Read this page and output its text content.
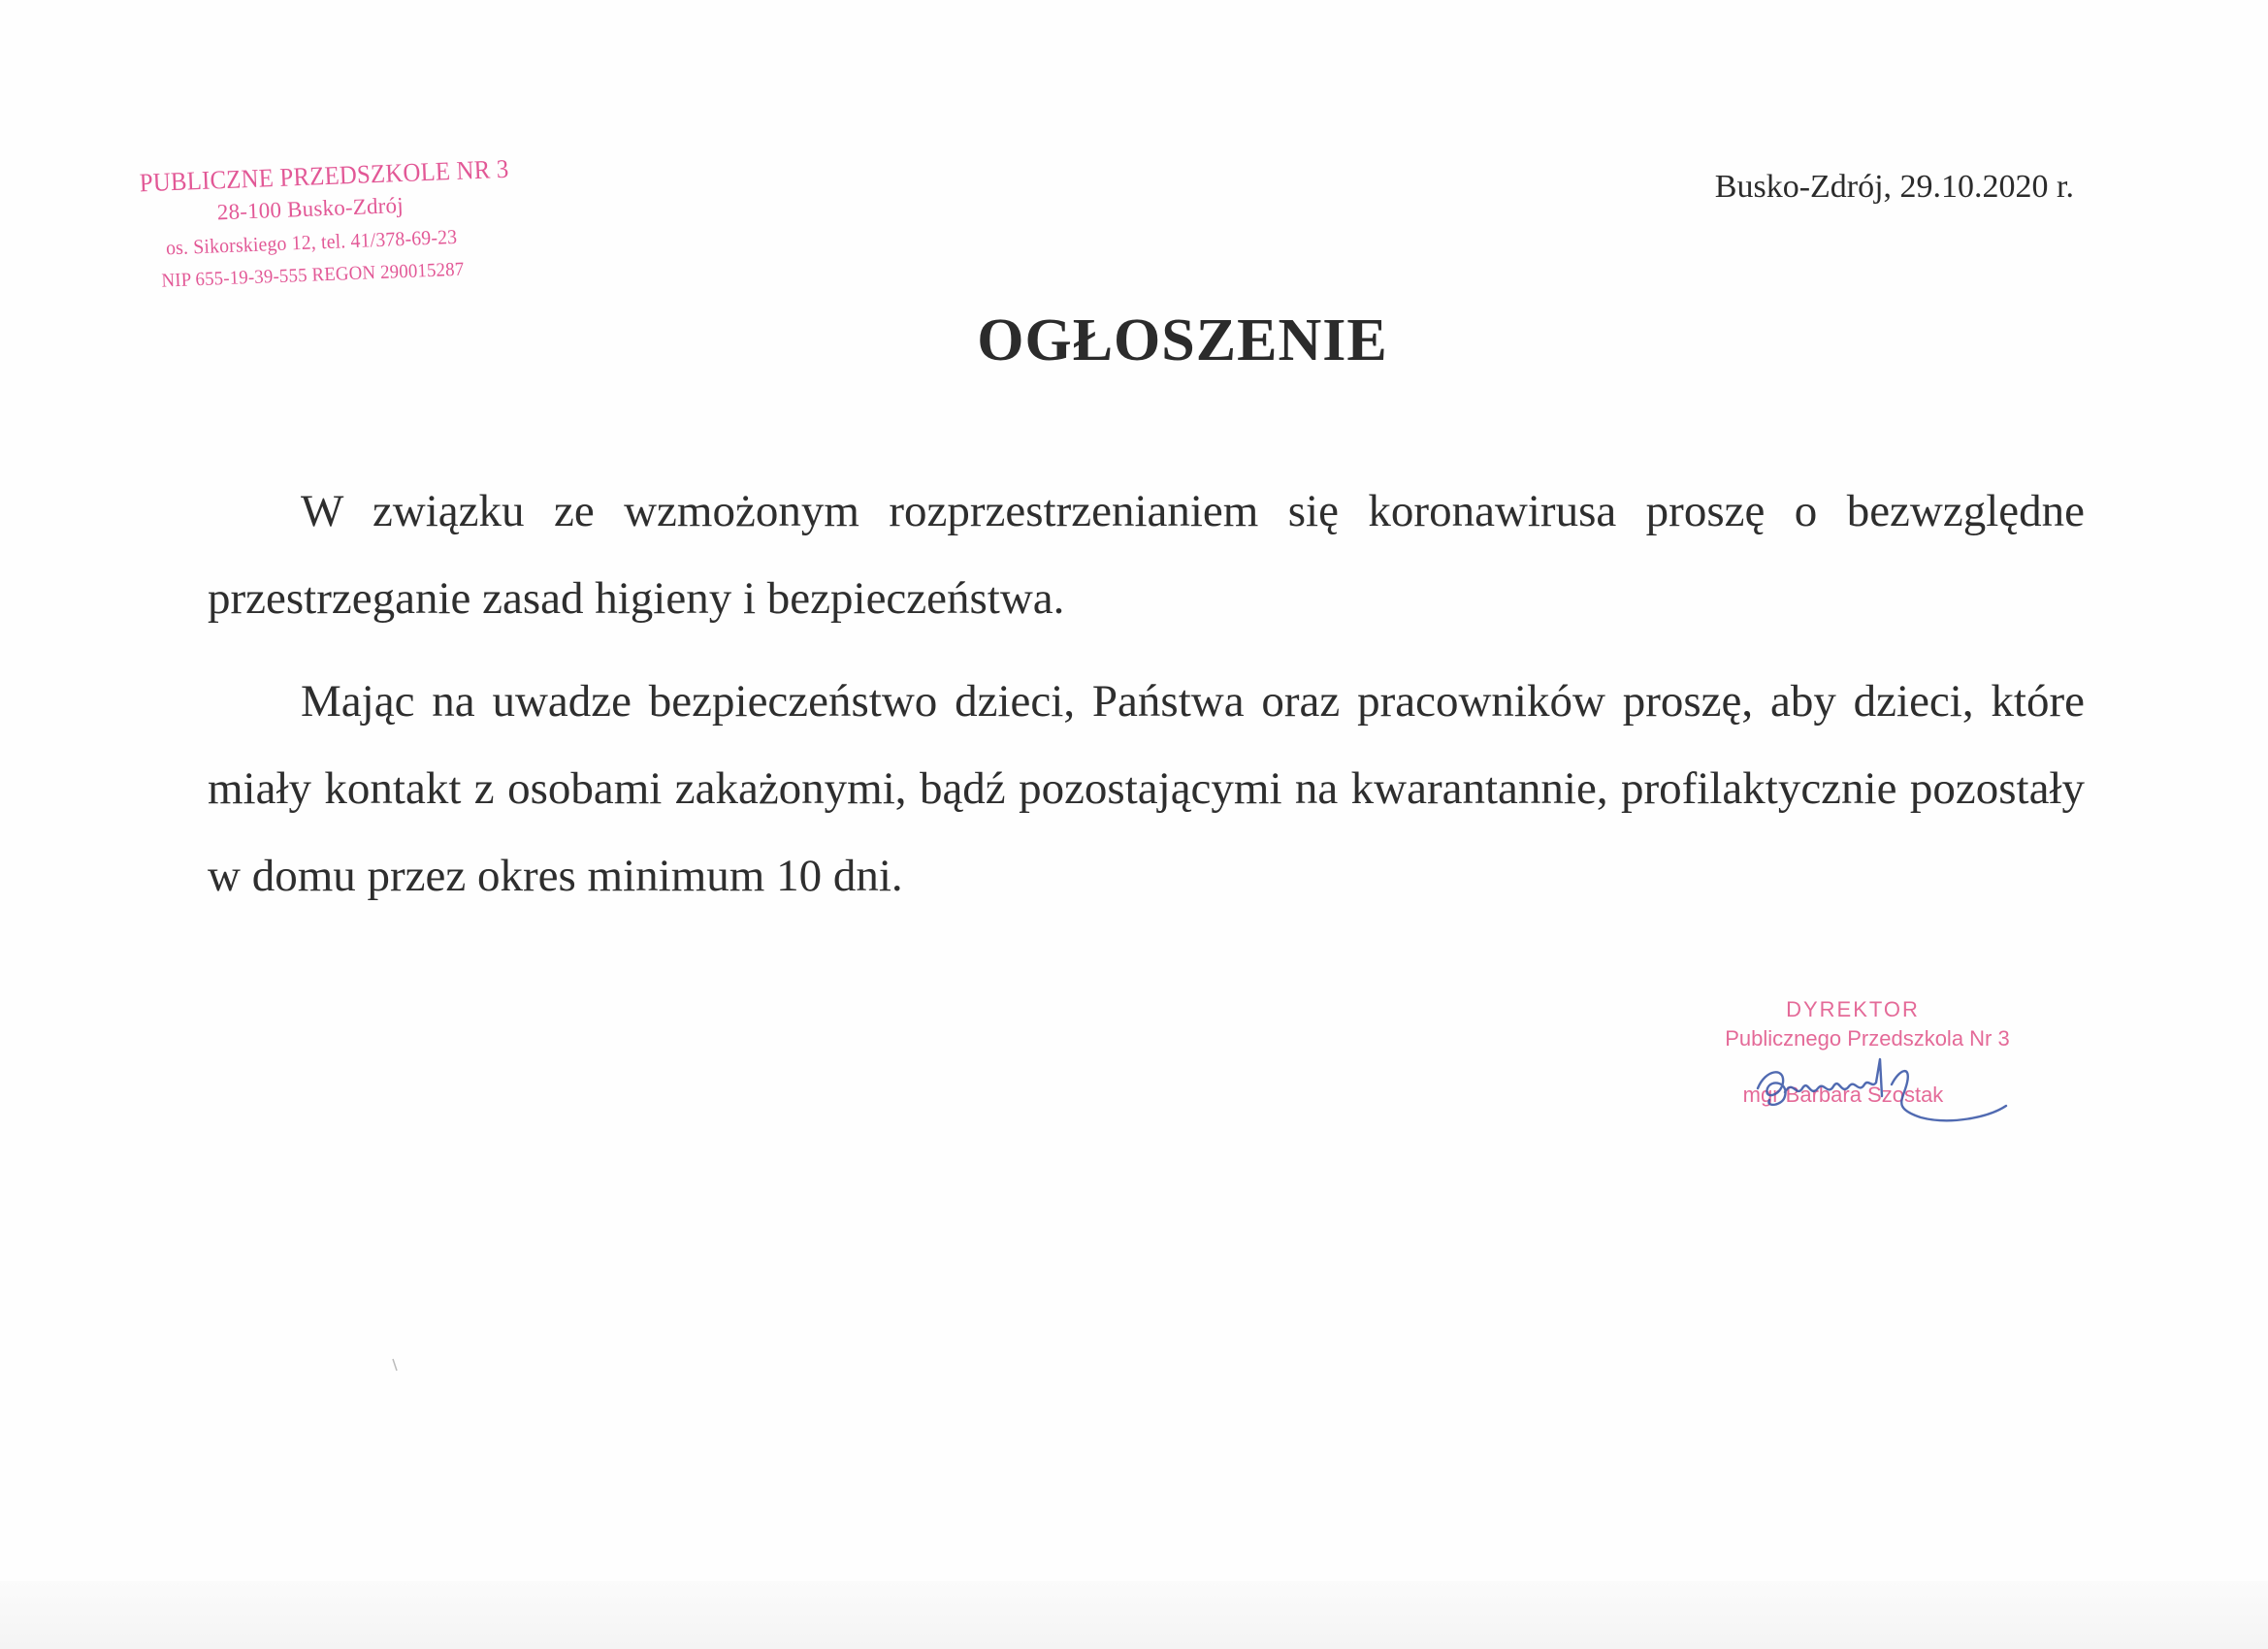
PUBLICZNE PRZEDSZKOLE NR 3
28-100 Busko-Zdrój
os. Sikorskiego 12, tel. 41/378-69-23
NIP 655-19-39-555 REGON 290015287
Busko-Zdrój, 29.10.2020 r.
OGŁOSZENIE

W związku ze wzmożonym rozprzestrzenianiem się koronawirusa proszę o bezwzględne przestrzeganie zasad higieny i bezpieczeństwa.

Mając na uwadze bezpieczeństwo dzieci, Państwa oraz pracowników proszę, aby dzieci, które miały kontakt z osobami zakażonymi, bądź pozostającymi na kwarantannie, profilaktycznie pozostały w domu przez okres minimum 10 dni.

DYREKTOR
Publicznego Przedszkola Nr 3
mgr Barbara Szostak
